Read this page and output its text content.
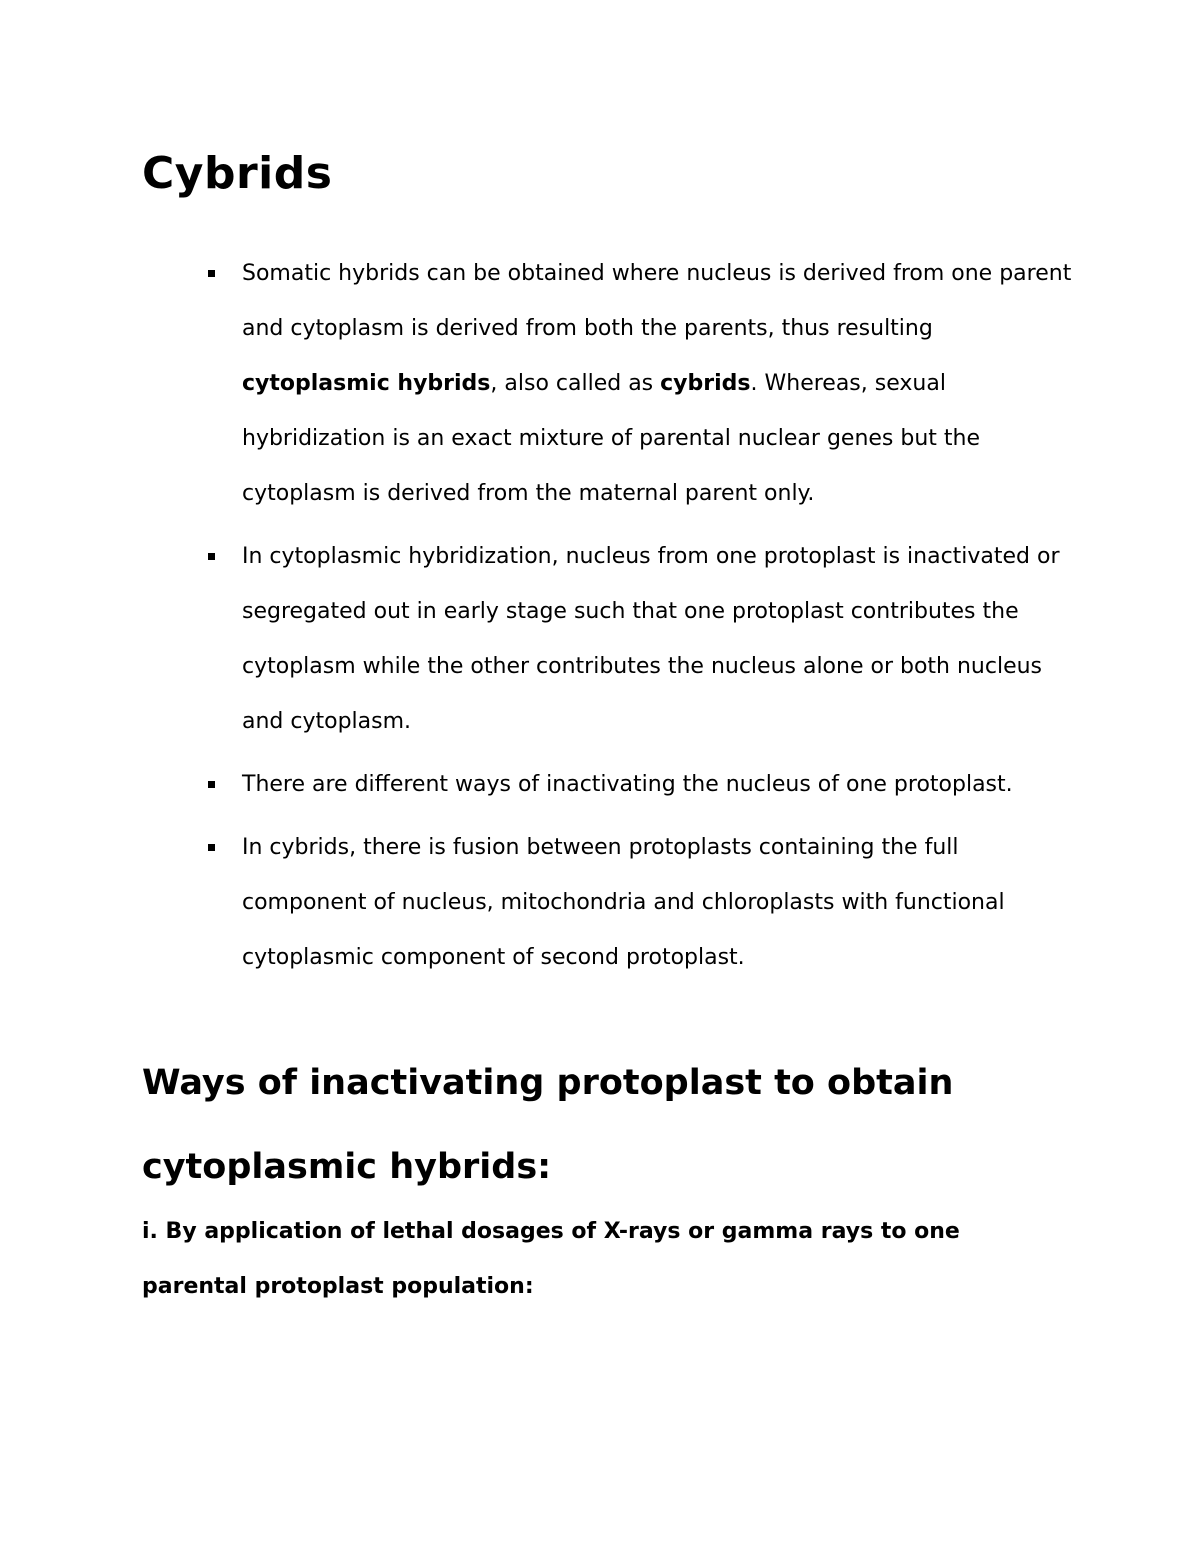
Cybrids
Somatic hybrids can be obtained where nucleus is derived from one parent and cytoplasm is derived from both the parents, thus resulting cytoplasmic hybrids, also called as cybrids. Whereas, sexual hybridization is an exact mixture of parental nuclear genes but the cytoplasm is derived from the maternal parent only.
In cytoplasmic hybridization, nucleus from one protoplast is inactivated or segregated out in early stage such that one protoplast contributes the cytoplasm while the other contributes the nucleus alone or both nucleus and cytoplasm.
There are different ways of inactivating the nucleus of one protoplast.
In cybrids, there is fusion between protoplasts containing the full component of nucleus, mitochondria and chloroplasts with functional cytoplasmic component of second protoplast.
Ways of inactivating protoplast to obtain cytoplasmic hybrids:
i. By application of lethal dosages of X-rays or gamma rays to one parental protoplast population:
